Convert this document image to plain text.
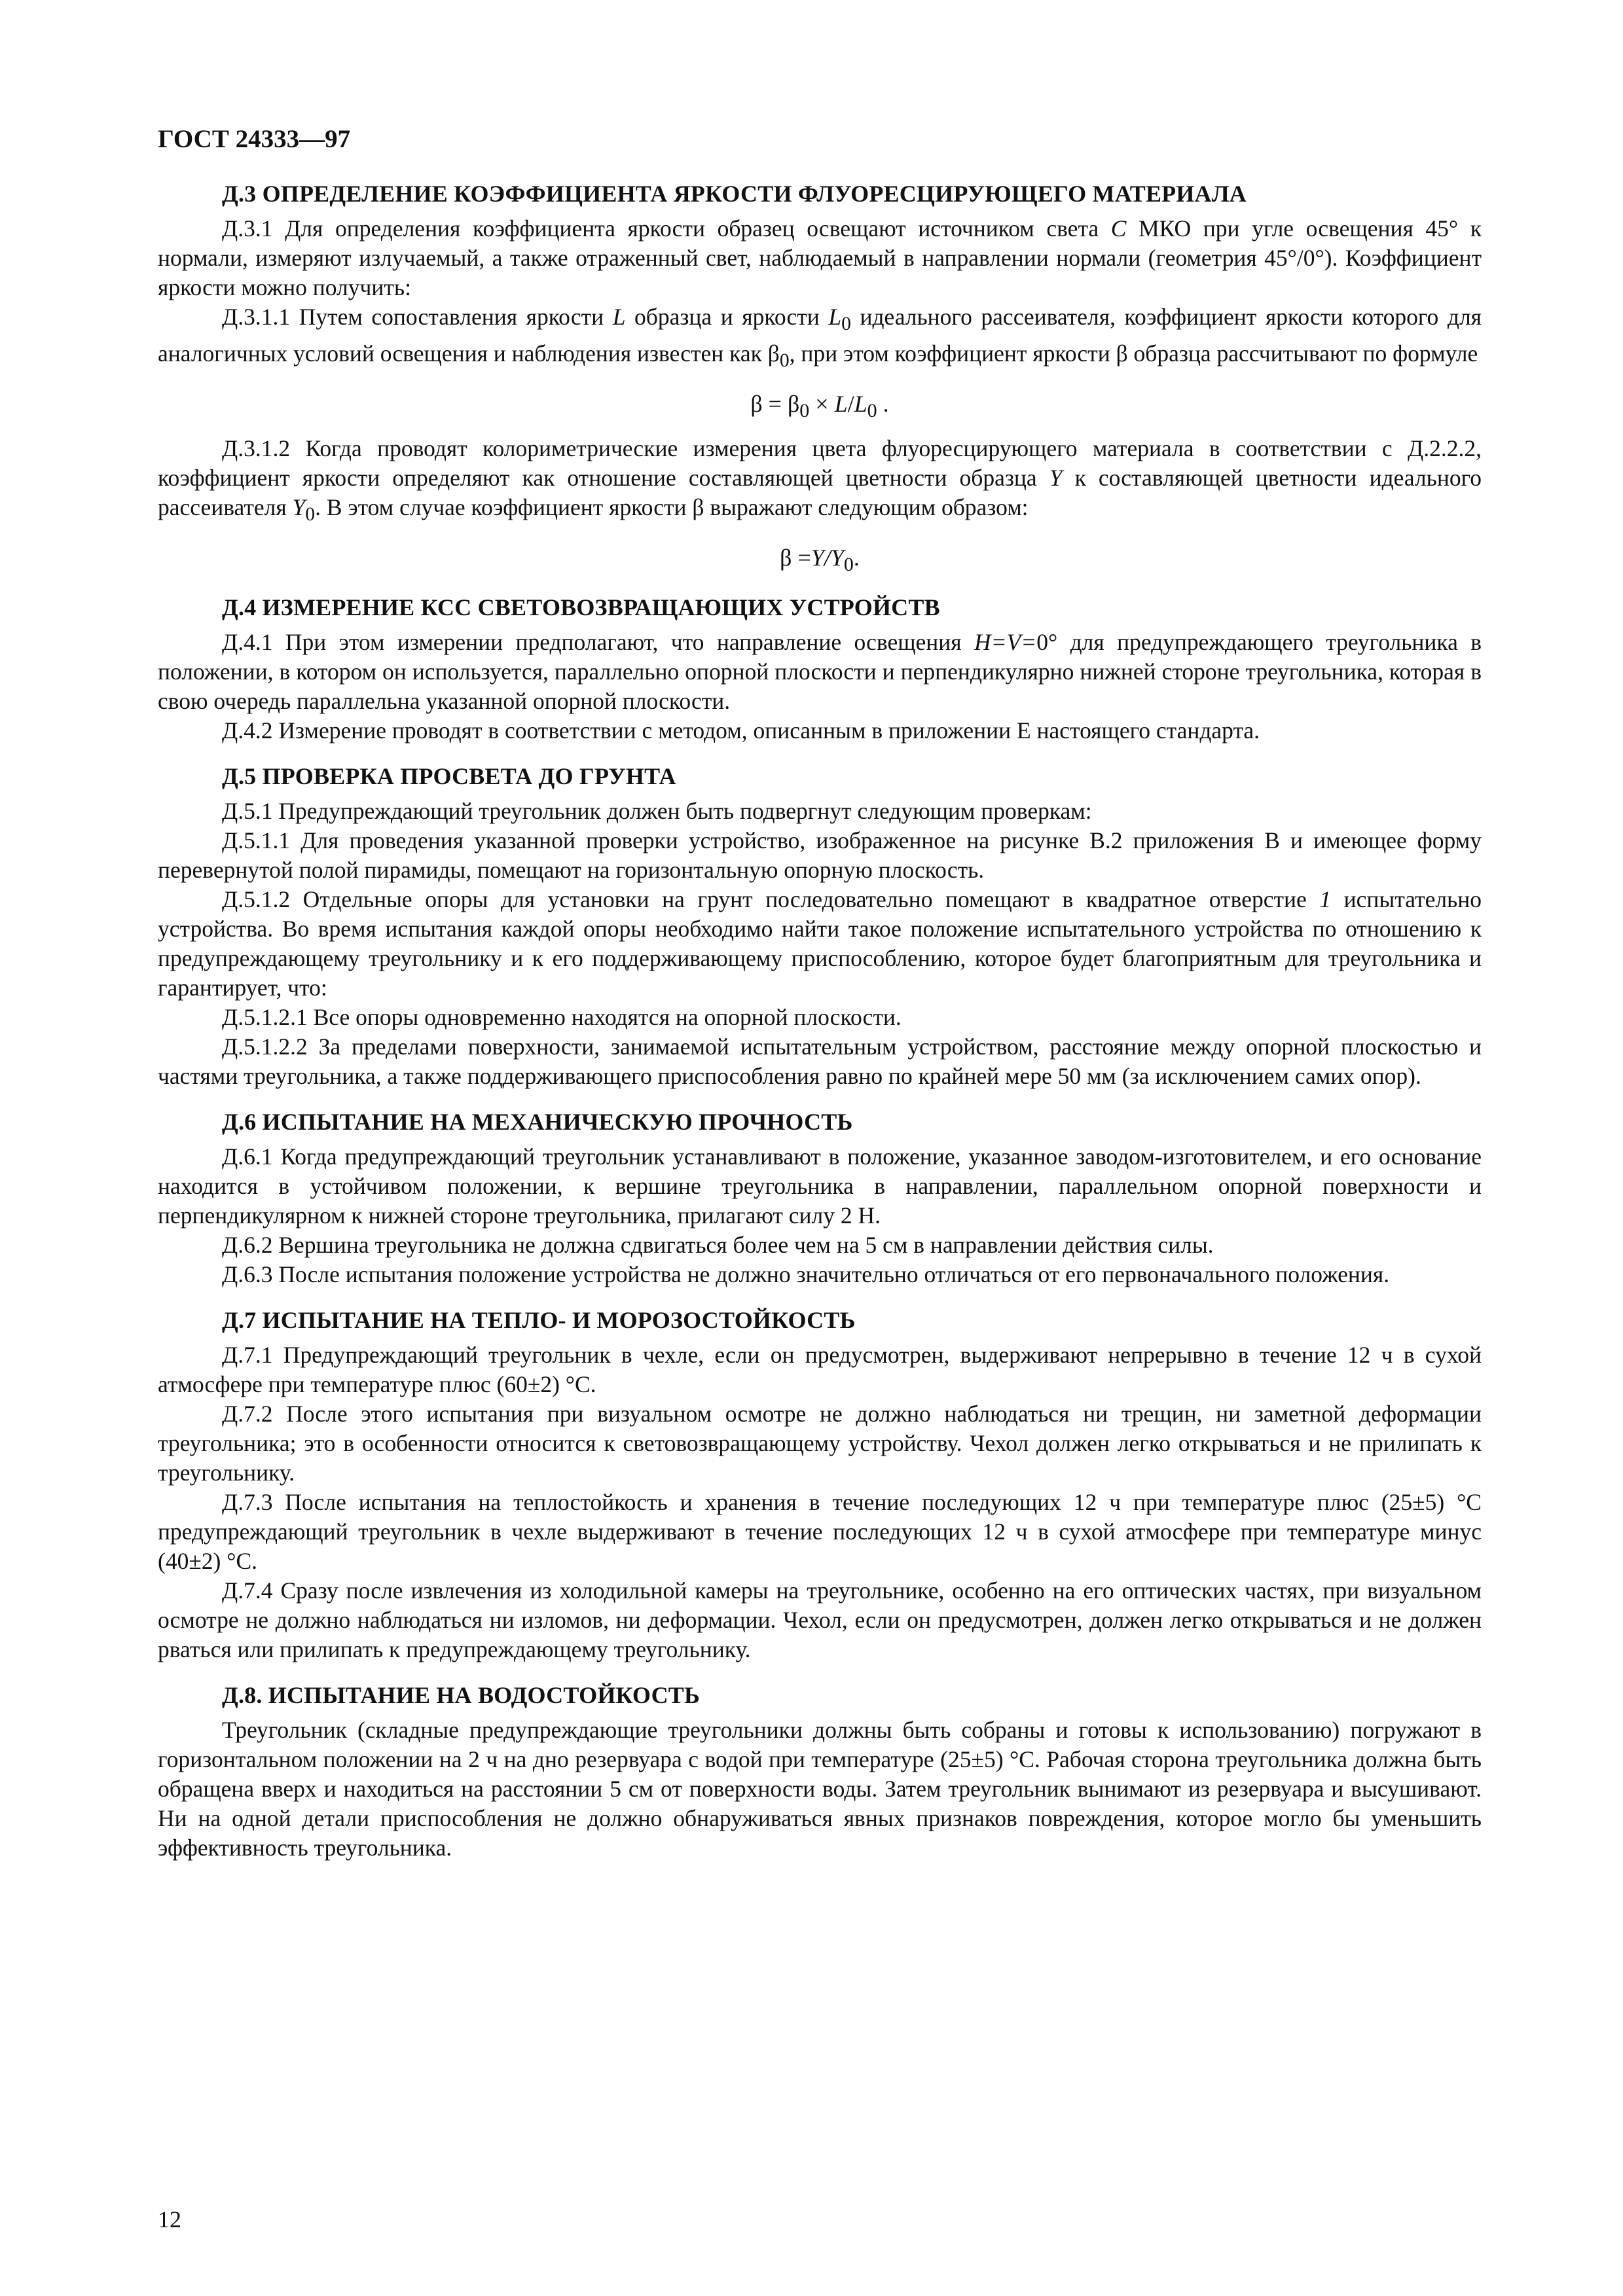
ГОСТ 24333—97
Д.3 ОПРЕДЕЛЕНИЕ КОЭФФИЦИЕНТА ЯРКОСТИ ФЛУОРЕСЦИРУЮЩЕГО МАТЕРИАЛА

Д.3.1 Для определения коэффициента яркости образец освещают источником света C МКО при угле освещения 45° к нормали, измеряют излучаемый, а также отраженный свет, наблюдаемый в направлении нормали (геометрия 45°/0°). Коэффициент яркости можно получить:

Д.3.1.1 Путем сопоставления яркости L образца и яркости $L_0$ идеального рассеивателя, коэффициент яркости которого для аналогичных условий освещения и наблюдения известен как $\beta_0$, при этом коэффициент яркости β образца рассчитывают по формуле

$\beta = \beta_0 \times L/L_0$ .

Д.3.1.2 Когда проводят колориметрические измерения цвета флуоресцирующего материала в соответствии с Д.2.2.2, коэффициент яркости определяют как отношение составляющей цветности образца Y к составляющей цветности идеального рассеивателя $Y_0$. В этом случае коэффициент яркости β выражают следующим образом:

$\beta =Y/Y_0$.
Д.4 ИЗМЕРЕНИЕ КСС СВЕТОВОЗВРАЩАЮЩИХ УСТРОЙСТВ

Д.4.1 При этом измерении предполагают, что направление освещения H=V=0° для предупреждающего треугольника в положении, в котором он используется, параллельно опорной плоскости и перпендикулярно нижней стороне треугольника, которая в свою очередь параллельна указанной опорной плоскости.

Д.4.2 Измерение проводят в соответствии с методом, описанным в приложении Е настоящего стандарта.

Д.5 ПРОВЕРКА ПРОСВЕТА ДО ГРУНТА

Д.5.1 Предупреждающий треугольник должен быть подвергнут следующим проверкам:

Д.5.1.1 Для проведения указанной проверки устройство, изображенное на рисунке В.2 приложения В и имеющее форму перевернутой полой пирамиды, помещают на горизонтальную опорную плоскость.

Д.5.1.2 Отдельные опоры для установки на грунт последовательно помещают в квадратное отверстие 1 испытательно устройства. Во время испытания каждой опоры необходимо найти такое положение испытательного устройства по отношению к предупреждающему треугольнику и к его поддерживающему приспособлению, которое будет благоприятным для треугольника и гарантирует, что:

Д.5.1.2.1 Все опоры одновременно находятся на опорной плоскости.

Д.5.1.2.2 За пределами поверхности, занимаемой испытательным устройством, расстояние между опорной плоскостью и частями треугольника, а также поддерживающего приспособления равно по крайней мере 50 мм (за исключением самих опор).

Д.6 ИСПЫТАНИЕ НА МЕХАНИЧЕСКУЮ ПРОЧНОСТЬ

Д.6.1 Когда предупреждающий треугольник устанавливают в положение, указанное заводом-изготовителем, и его основание находится в устойчивом положении, к вершине треугольника в направлении, параллельном опорной поверхности и перпендикулярном к нижней стороне треугольника, прилагают силу 2 Н.

Д.6.2 Вершина треугольника не должна сдвигаться более чем на 5 см в направлении действия силы.

Д.6.3 После испытания положение устройства не должно значительно отличаться от его первоначального положения.

Д.7 ИСПЫТАНИЕ НА ТЕПЛО- И МОРОЗОСТОЙКОСТЬ

Д.7.1 Предупреждающий треугольник в чехле, если он предусмотрен, выдерживают непрерывно в течение 12 ч в сухой атмосфере при температуре плюс (60±2) °С.

Д.7.2 После этого испытания при визуальном осмотре не должно наблюдаться ни трещин, ни заметной деформации треугольника; это в особенности относится к световозвращающему устройству. Чехол должен легко открываться и не прилипать к треугольнику.

Д.7.3 После испытания на теплостойкость и хранения в течение последующих 12 ч при температуре плюс (25±5) °С предупреждающий треугольник в чехле выдерживают в течение последующих 12 ч в сухой атмосфере при температуре минус (40±2) °С.

Д.7.4 Сразу после извлечения из холодильной камеры на треугольнике, особенно на его оптических частях, при визуальном осмотре не должно наблюдаться ни изломов, ни деформации. Чехол, если он предусмотрен, должен легко открываться и не должен рваться или прилипать к предупреждающему треугольнику.

Д.8. ИСПЫТАНИЕ НА ВОДОСТОЙКОСТЬ

Треугольник (складные предупреждающие треугольники должны быть собраны и готовы к использованию) погружают в горизонтальном положении на 2 ч на дно резервуара с водой при температуре (25±5) °С. Рабочая сторона треугольника должна быть обращена вверх и находиться на расстоянии 5 см от поверхности воды. Затем треугольник вынимают из резервуара и высушивают. Ни на одной детали приспособления не должно обнаруживаться явных признаков повреждения, которое могло бы уменьшить эффективность треугольника.

12
